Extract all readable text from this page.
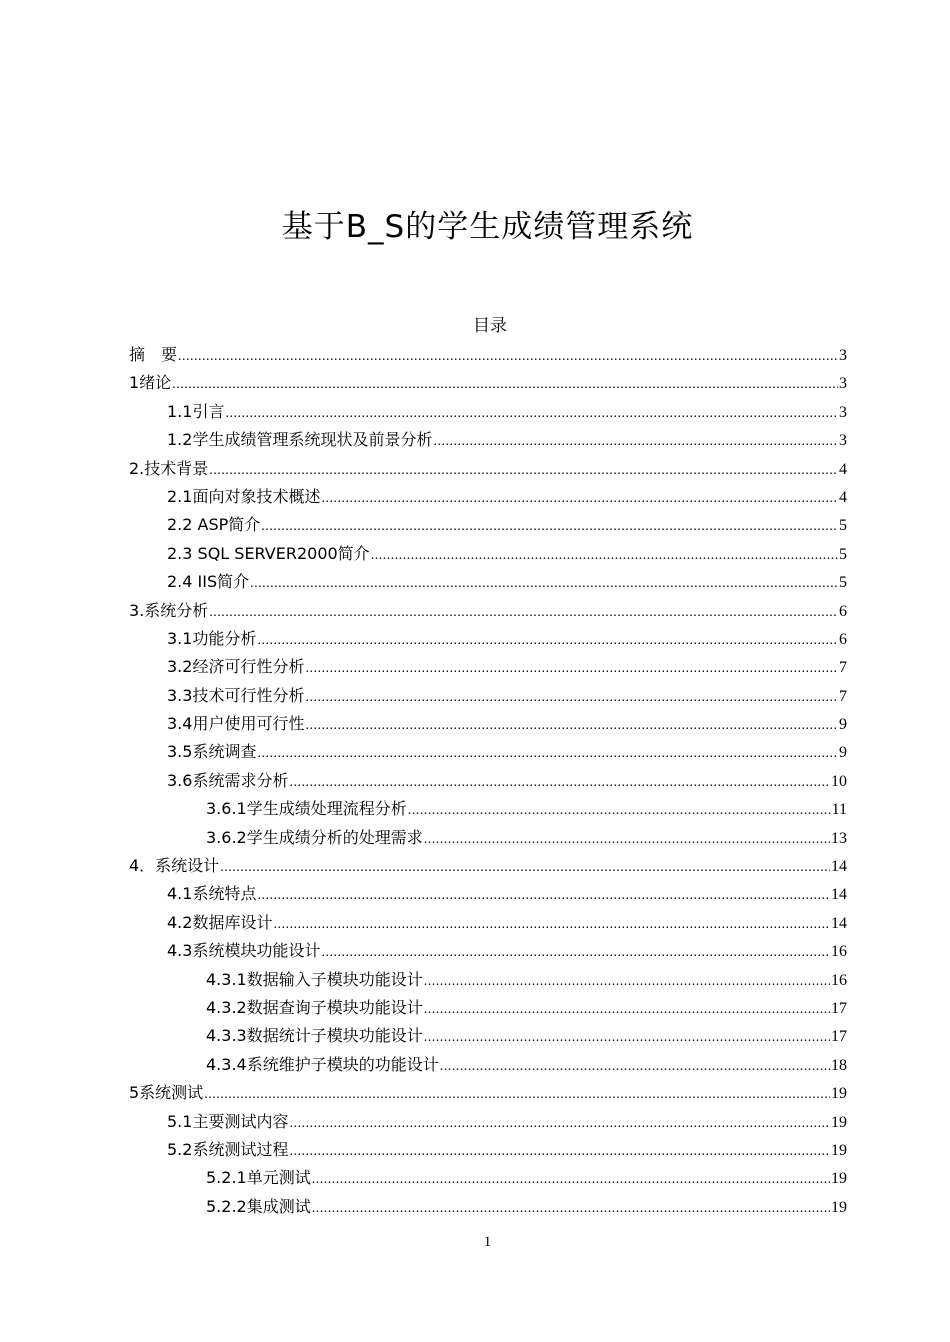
基于B_S的学生成绩管理系统
目录
摘　要 .....	3
1绪论 .....	3
1.1引言 .....	3
1.2学生成绩管理系统现状及前景分析 .....	3
2.技术背景 .....	4
2.1面向对象技术概述 .....	4
2.2 ASP简介 .....	5
2.3 SQL SERVER2000简介 .....	5
2.4 IIS简介 .....	5
3.系统分析 .....	6
3.1功能分析 .....	6
3.2经济可行性分析 .....	7
3.3技术可行性分析 .....	7
3.4用户使用可行性 .....	9
3.5系统调查 .....	9
3.6系统需求分析 .....	10
3.6.1学生成绩处理流程分析 .....	11
3.6.2学生成绩分析的处理需求 .....	13
4．系统设计 .....	14
4.1系统特点 .....	14
4.2数据库设计 .....	14
4.3系统模块功能设计 .....	16
4.3.1数据输入子模块功能设计 .....	16
4.3.2数据查询子模块功能设计 .....	17
4.3.3数据统计子模块功能设计 .....	17
4.3.4系统维护子模块的功能设计 .....	18
5系统测试 .....	19
5.1主要测试内容 .....	19
5.2系统测试过程 .....	19
5.2.1单元测试 .....	19
5.2.2集成测试 .....	19
1
